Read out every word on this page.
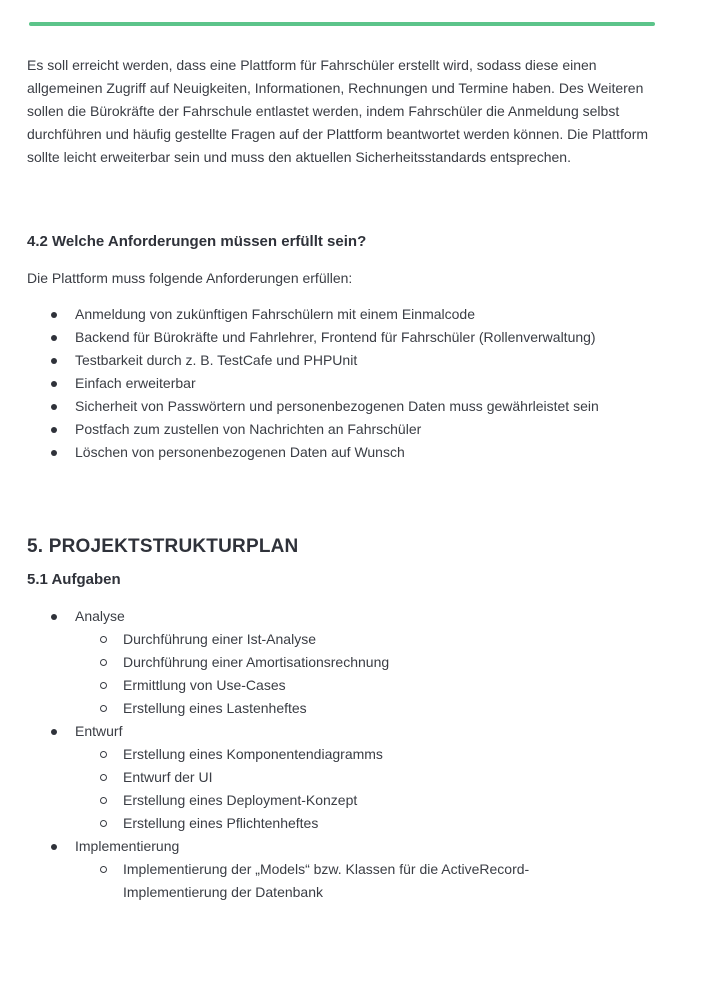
Es soll erreicht werden, dass eine Plattform für Fahrschüler erstellt wird, sodass diese einen allgemeinen Zugriff auf Neuigkeiten, Informationen, Rechnungen und Termine haben. Des Weiteren sollen die Bürokräfte der Fahrschule entlastet werden, indem Fahrschüler die Anmeldung selbst durchführen und häufig gestellte Fragen auf der Plattform beantwortet werden können. Die Plattform sollte leicht erweiterbar sein und muss den aktuellen Sicherheitsstandards entsprechen.

4.2 Welche Anforderungen müssen erfüllt sein?

Die Plattform muss folgende Anforderungen erfüllen:

Anmeldung von zukünftigen Fahrschülern mit einem Einmalcode
Backend für Bürokräfte und Fahrlehrer, Frontend für Fahrschüler (Rollenverwaltung)
Testbarkeit durch z. B. TestCafe und PHPUnit
Einfach erweiterbar
Sicherheit von Passwörtern und personenbezogenen Daten muss gewährleistet sein
Postfach zum zustellen von Nachrichten an Fahrschüler
Löschen von personenbezogenen Daten auf Wunsch
5. PROJEKTSTRUKTURPLAN
5.1 Aufgaben
Analyse
Durchführung einer Ist-Analyse
Durchführung einer Amortisationsrechnung
Ermittlung von Use-Cases
Erstellung eines Lastenheftes
Entwurf
Erstellung eines Komponentendiagramms
Entwurf der UI
Erstellung eines Deployment-Konzept
Erstellung eines Pflichtenheftes
Implementierung
Implementierung der „Models“ bzw. Klassen für die ActiveRecord-Implementierung der Datenbank
